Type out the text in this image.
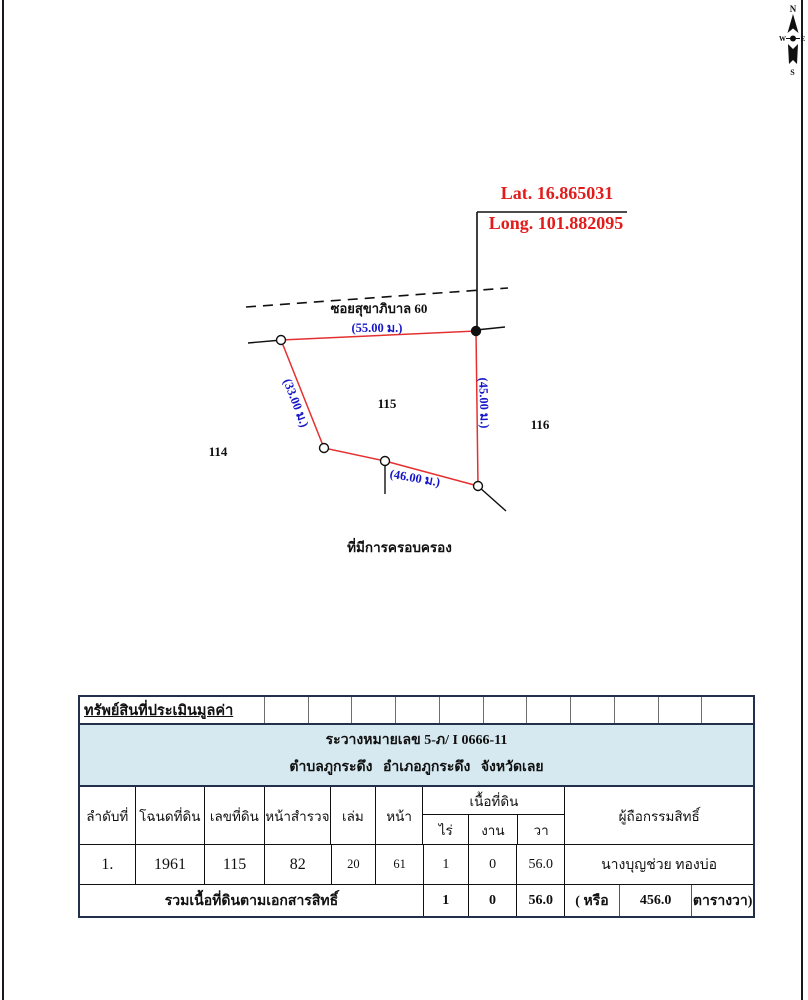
N
W E
S
Lat. 16.865031
Long. 101.882095
ซอยสุขาภิบาล 60
(55.00 ม.)
(33.00 ม.)	(45.00 ม.)
(46.00 ม.)
115
116
114
ที่มีการครอบครอง
ทรัพย์สินที่ประเมินมูลค่า
ระวางหมายเลข 5-ภ/ I 0666-11
ตำบลภูกระดึง   อำเภอภูกระดึง   จังหวัดเลย
ลำดับที่ โฉนดที่ดิน เลขที่ดิน หน้าสำรวจ เล่ม	หน้า
เนื้อที่ดิน
ไร่	งาน	วา
ผู้ถือกรรมสิทธิ์
1.	1961	115	82	20	61	1	0	56.0	นางบุญช่วย ทองบ่อ
รวมเนื้อที่ดินตามเอกสารสิทธิ์	1	0	56.0	( หรือ	456.0	ตารางวา)
